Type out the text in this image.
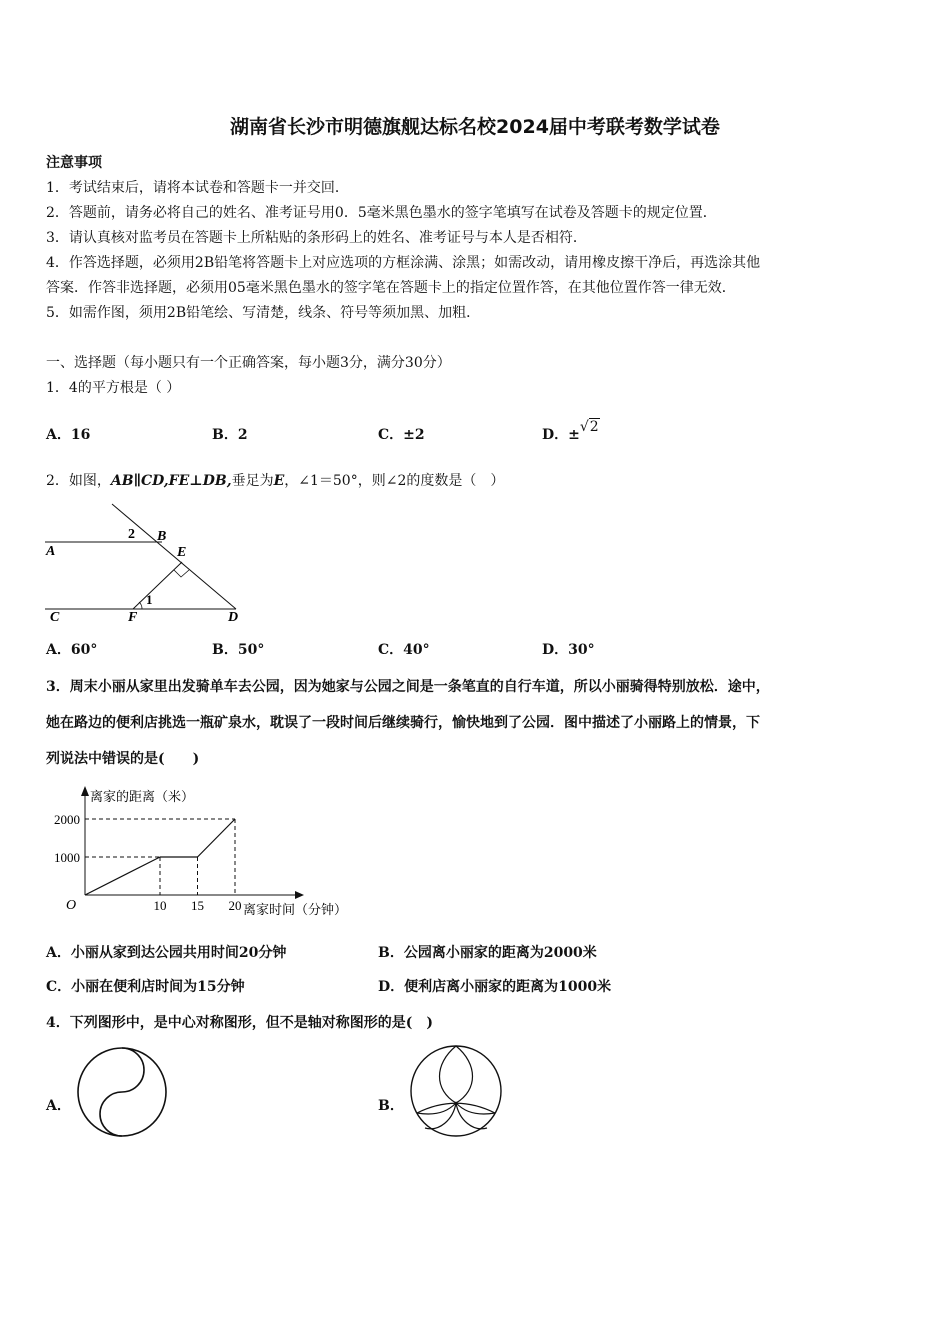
湖南省长沙市明德旗舰达标名校2024届中考联考数学试卷
注意事项
1．考试结束后，请将本试卷和答题卡一并交回．
2．答题前，请务必将自己的姓名、准考证号用0．5毫米黑色墨水的签字笔填写在试卷及答题卡的规定位置．
3．请认真核对监考员在答题卡上所粘贴的条形码上的姓名、准考证号与本人是否相符．
4．作答选择题，必须用2B铅笔将答题卡上对应选项的方框涂满、涂黑；如需改动，请用橡皮擦干净后，再选涂其他
答案．作答非选择题，必须用05毫米黑色墨水的签字笔在答题卡上的指定位置作答，在其他位置作答一律无效．
5．如需作图，须用2B铅笔绘、写清楚，线条、符号等须加黑、加粗．
一、选择题（每小题只有一个正确答案，每小题3分，满分30分）
1．4的平方根是（ ）
A．16	B．2	C．±2	D．±√2
2．如图，AB∥CD,FE⊥DB,垂足为E，∠1＝50°，则∠2的度数是（　）
A
B
E
C	F	D
2
1
A．60°	B．50°	C．40°	D．30°
3．周末小丽从家里出发骑单车去公园，因为她家与公园之间是一条笔直的自行车道，所以小丽骑得特别放松．途中，
她在路边的便利店挑选一瓶矿泉水，耽误了一段时间后继续骑行，愉快地到了公园．图中描述了小丽路上的情景，下
列说法中错误的是(　　)
离家的距离（米）
离家时间（分钟）
O	10 15 20
1000
2000
A．小丽从家到达公园共用时间20分钟	B．公园离小丽家的距离为2000米
C．小丽在便利店时间为15分钟	D．便利店离小丽家的距离为1000米
4．下列图形中，是中心对称图形，但不是轴对称图形的是(　)
A．	B．
